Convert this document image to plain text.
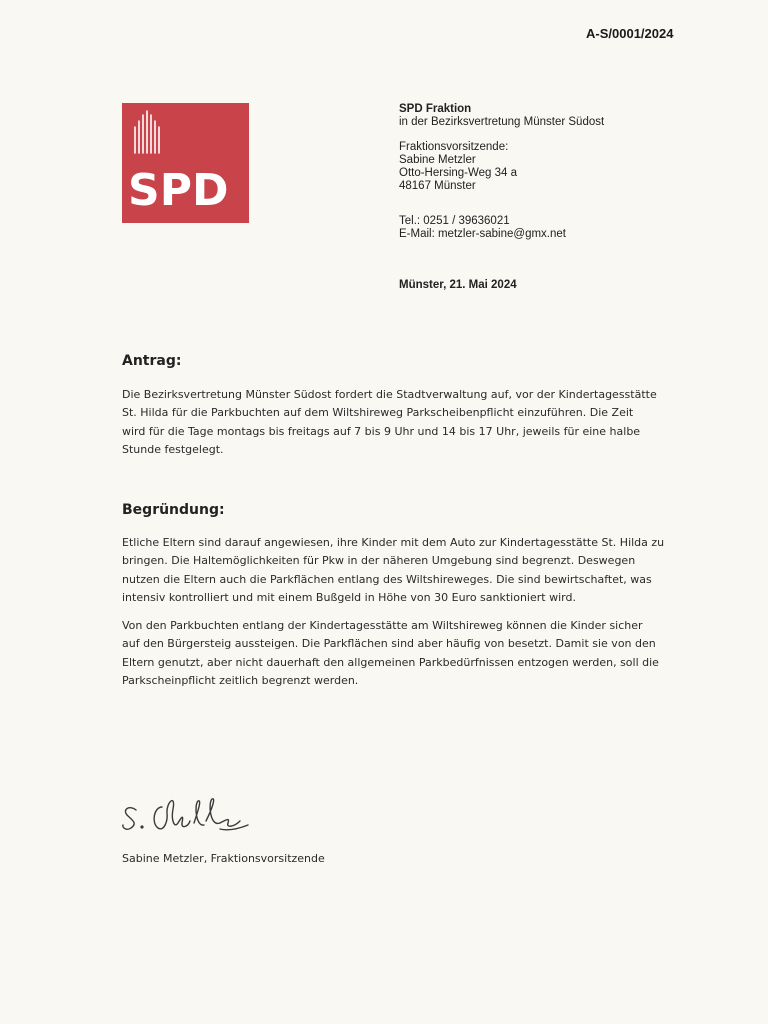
A-S/0001/2024
SPD
SPD Fraktion
in der Bezirksvertretung Münster Südost
Fraktionsvorsitzende:
Sabine Metzler
Otto-Hersing-Weg 34 a
48167 Münster
Tel.: 0251 / 39636021
E-Mail: metzler-sabine@gmx.net
Münster, 21. Mai 2024
Antrag:
Die Bezirksvertretung Münster Südost fordert die Stadtverwaltung auf, vor der Kindertagesstätte
St. Hilda für die Parkbuchten auf dem Wiltshireweg Parkscheibenpflicht einzuführen. Die Zeit
wird für die Tage montags bis freitags auf 7 bis 9 Uhr und 14 bis 17 Uhr, jeweils für eine halbe
Stunde festgelegt.
Begründung:
Etliche Eltern sind darauf angewiesen, ihre Kinder mit dem Auto zur Kindertagesstätte St. Hilda zu
bringen. Die Haltemöglichkeiten für Pkw in der näheren Umgebung sind begrenzt. Deswegen
nutzen die Eltern auch die Parkflächen entlang des Wiltshireweges. Die sind bewirtschaftet, was
intensiv kontrolliert und mit einem Bußgeld in Höhe von 30 Euro sanktioniert wird.
Von den Parkbuchten entlang der Kindertagesstätte am Wiltshireweg können die Kinder sicher
auf den Bürgersteig aussteigen. Die Parkflächen sind aber häufig von besetzt. Damit sie von den
Eltern genutzt, aber nicht dauerhaft den allgemeinen Parkbedürfnissen entzogen werden, soll die
Parkscheinpflicht zeitlich begrenzt werden.
Sabine Metzler, Fraktionsvorsitzende
